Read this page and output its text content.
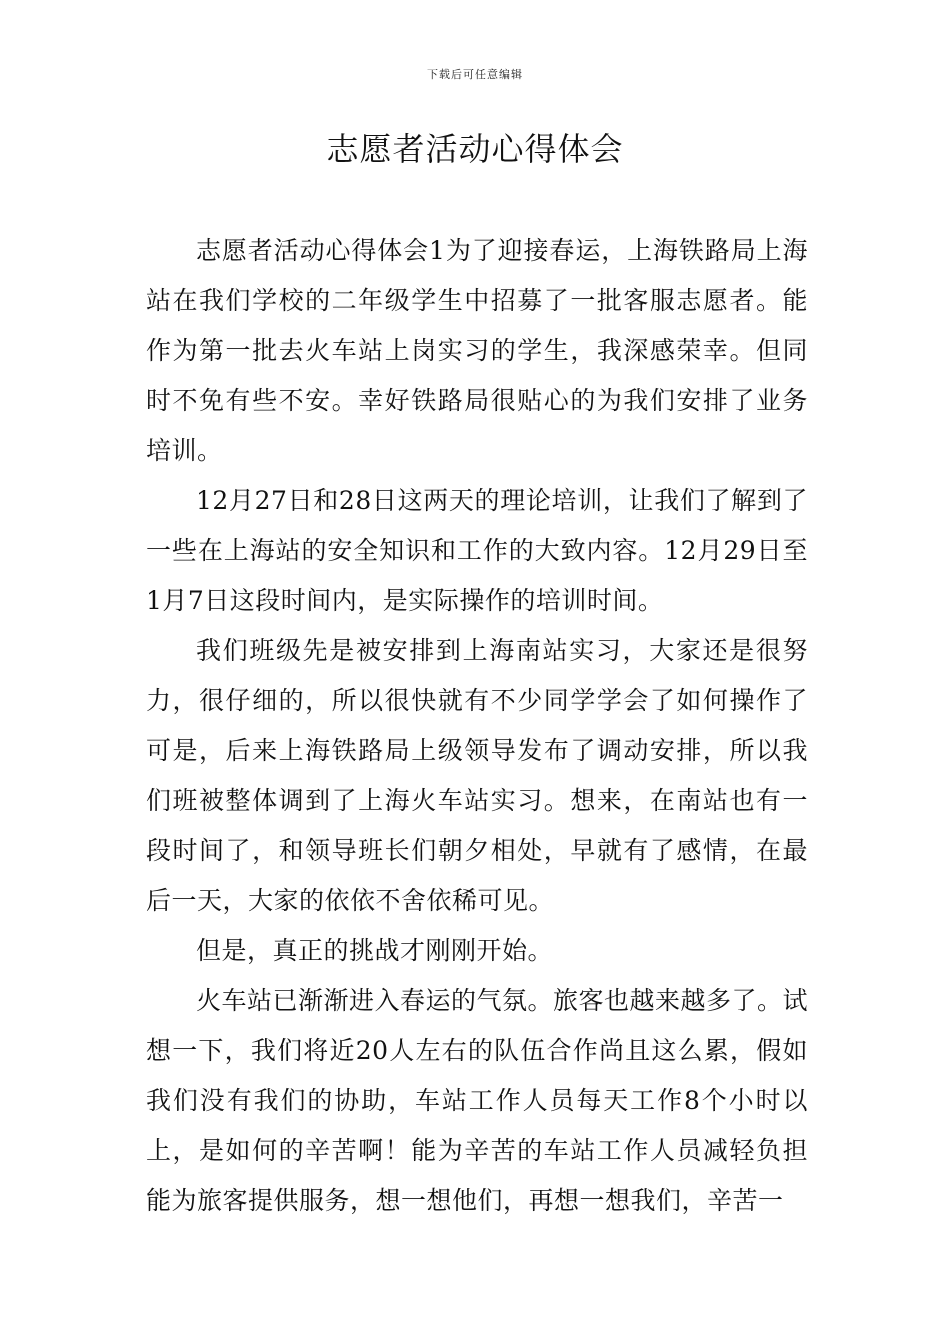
下载后可任意编辑
志愿者活动心得体会

志愿者活动心得体会1为了迎接春运，上海铁路局上海站在我们学校的二年级学生中招募了一批客服志愿者。能作为第一批去火车站上岗实习的学生，我深感荣幸。但同时不免有些不安。幸好铁路局很贴心的为我们安排了业务培训。

12月27日和28日这两天的理论培训，让我们了解到了一些在上海站的安全知识和工作的大致内容。12月29日至1月7日这段时间内，是实际操作的培训时间。

我们班级先是被安排到上海南站实习，大家还是很努力，很仔细的，所以很快就有不少同学学会了如何操作了可是，后来上海铁路局上级领导发布了调动安排，所以我们班被整体调到了上海火车站实习。想来，在南站也有一段时间了，和领导班长们朝夕相处，早就有了感情，在最后一天，大家的依依不舍依稀可见。

但是，真正的挑战才刚刚开始。

火车站已渐渐进入春运的气氛。旅客也越来越多了。试想一下，我们将近20人左右的队伍合作尚且这么累，假如我们没有我们的协助，车站工作人员每天工作8个小时以上，是如何的辛苦啊！能为辛苦的车站工作人员减轻负担能为旅客提供服务，想一想他们，再想一想我们，辛苦一
